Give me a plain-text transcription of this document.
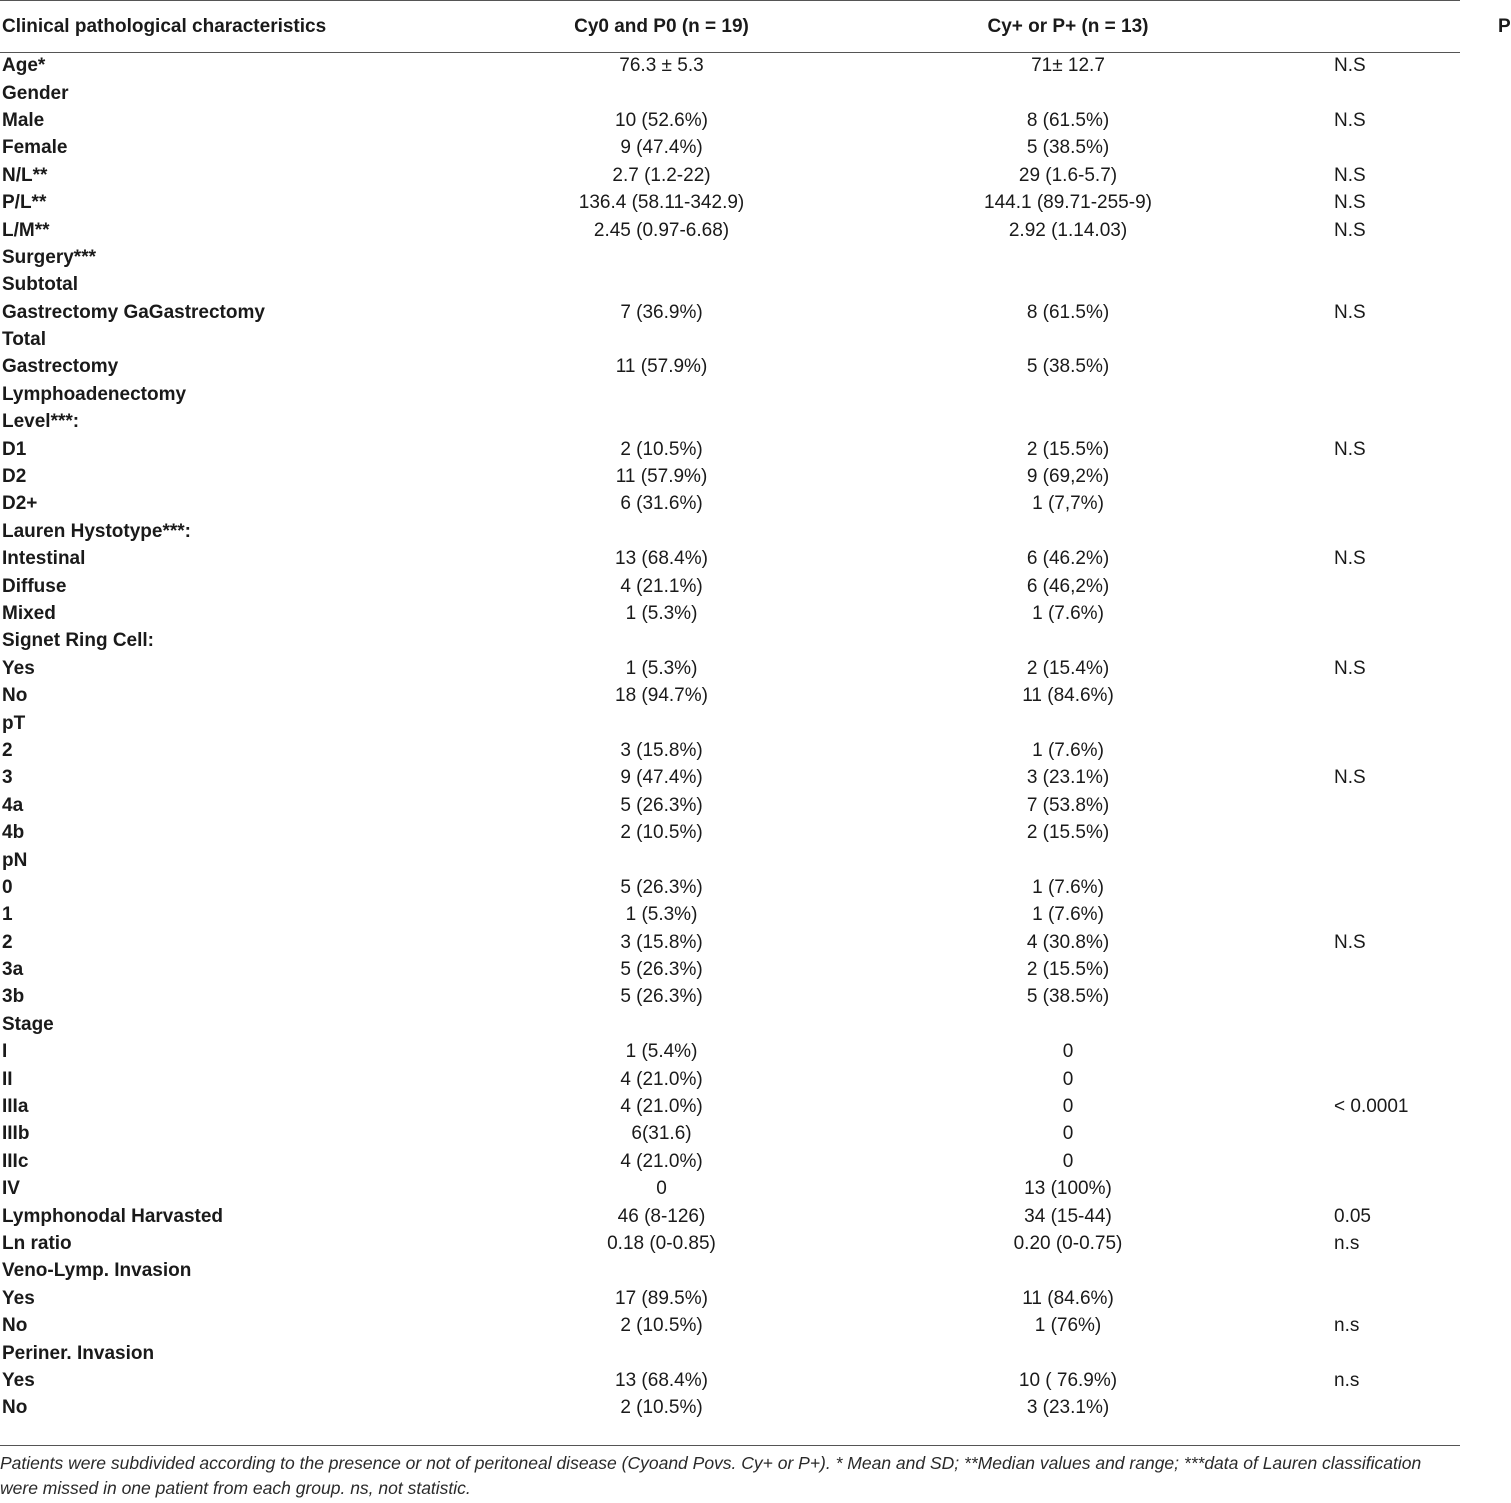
Clinical pathological characteristics	Cy0 and P0 (n = 19)	Cy+ or P+ (n = 13)	P
Age*	76.3 ± 5.3	71± 12.7	N.S
Gender			
Male	10 (52.6%)	8 (61.5%)	N.S
Female	9 (47.4%)	5 (38.5%)	
N/L**	2.7 (1.2-22)	29 (1.6-5.7)	N.S
P/L**	136.4 (58.11-342.9)	144.1 (89.71-255-9)	N.S
L/M**	2.45 (0.97-6.68)	2.92 (1.14.03)	N.S
Surgery***			
Subtotal			
Gastrectomy GaGastrectomy	7 (36.9%)	8 (61.5%)	N.S
Total			
Gastrectomy	11 (57.9%)	5 (38.5%)	
Lymphoadenectomy			
Level***:			
D1	2 (10.5%)	2 (15.5%)	N.S
D2	11 (57.9%)	9 (69,2%)	
D2+	6 (31.6%)	1 (7,7%)	
Lauren Hystotype***:			
Intestinal	13 (68.4%)	6 (46.2%)	N.S
Diffuse	4 (21.1%)	6 (46,2%)	
Mixed	1 (5.3%)	1 (7.6%)	
Signet Ring Cell:			
Yes	1 (5.3%)	2 (15.4%)	N.S
No	18 (94.7%)	11 (84.6%)	
pT			
2	3 (15.8%)	1 (7.6%)	
3	9 (47.4%)	3 (23.1%)	N.S
4a	5 (26.3%)	7 (53.8%)	
4b	2 (10.5%)	2 (15.5%)	
pN			
0	5 (26.3%)	1 (7.6%)	
1	1 (5.3%)	1 (7.6%)	
2	3 (15.8%)	4 (30.8%)	N.S
3a	5 (26.3%)	2 (15.5%)	
3b	5 (26.3%)	5 (38.5%)	
Stage			
I	1 (5.4%)	0	
II	4 (21.0%)	0	
IIIa	4 (21.0%)	0	< 0.0001
IIIb	6(31.6)	0	
IIIc	4 (21.0%)	0	
IV	0	13 (100%)	
Lymphonodal Harvasted	46 (8-126)	34 (15-44)	0.05
Ln ratio	0.18 (0-0.85)	0.20 (0-0.75)	n.s
Veno-Lymp. Invasion			
Yes	17 (89.5%)	11 (84.6%)	
No	2 (10.5%)	1 (76%)	n.s
Periner. Invasion			
Yes	13 (68.4%)	10 ( 76.9%)	n.s
No	2 (10.5%)	3 (23.1%)	
Patients were subdivided according to the presence or not of peritoneal disease (Cyoand Povs. Cy+ or P+). * Mean and SD; **Median values and range; ***data of Lauren classification
were missed in one patient from each group. ns, not statistic.
